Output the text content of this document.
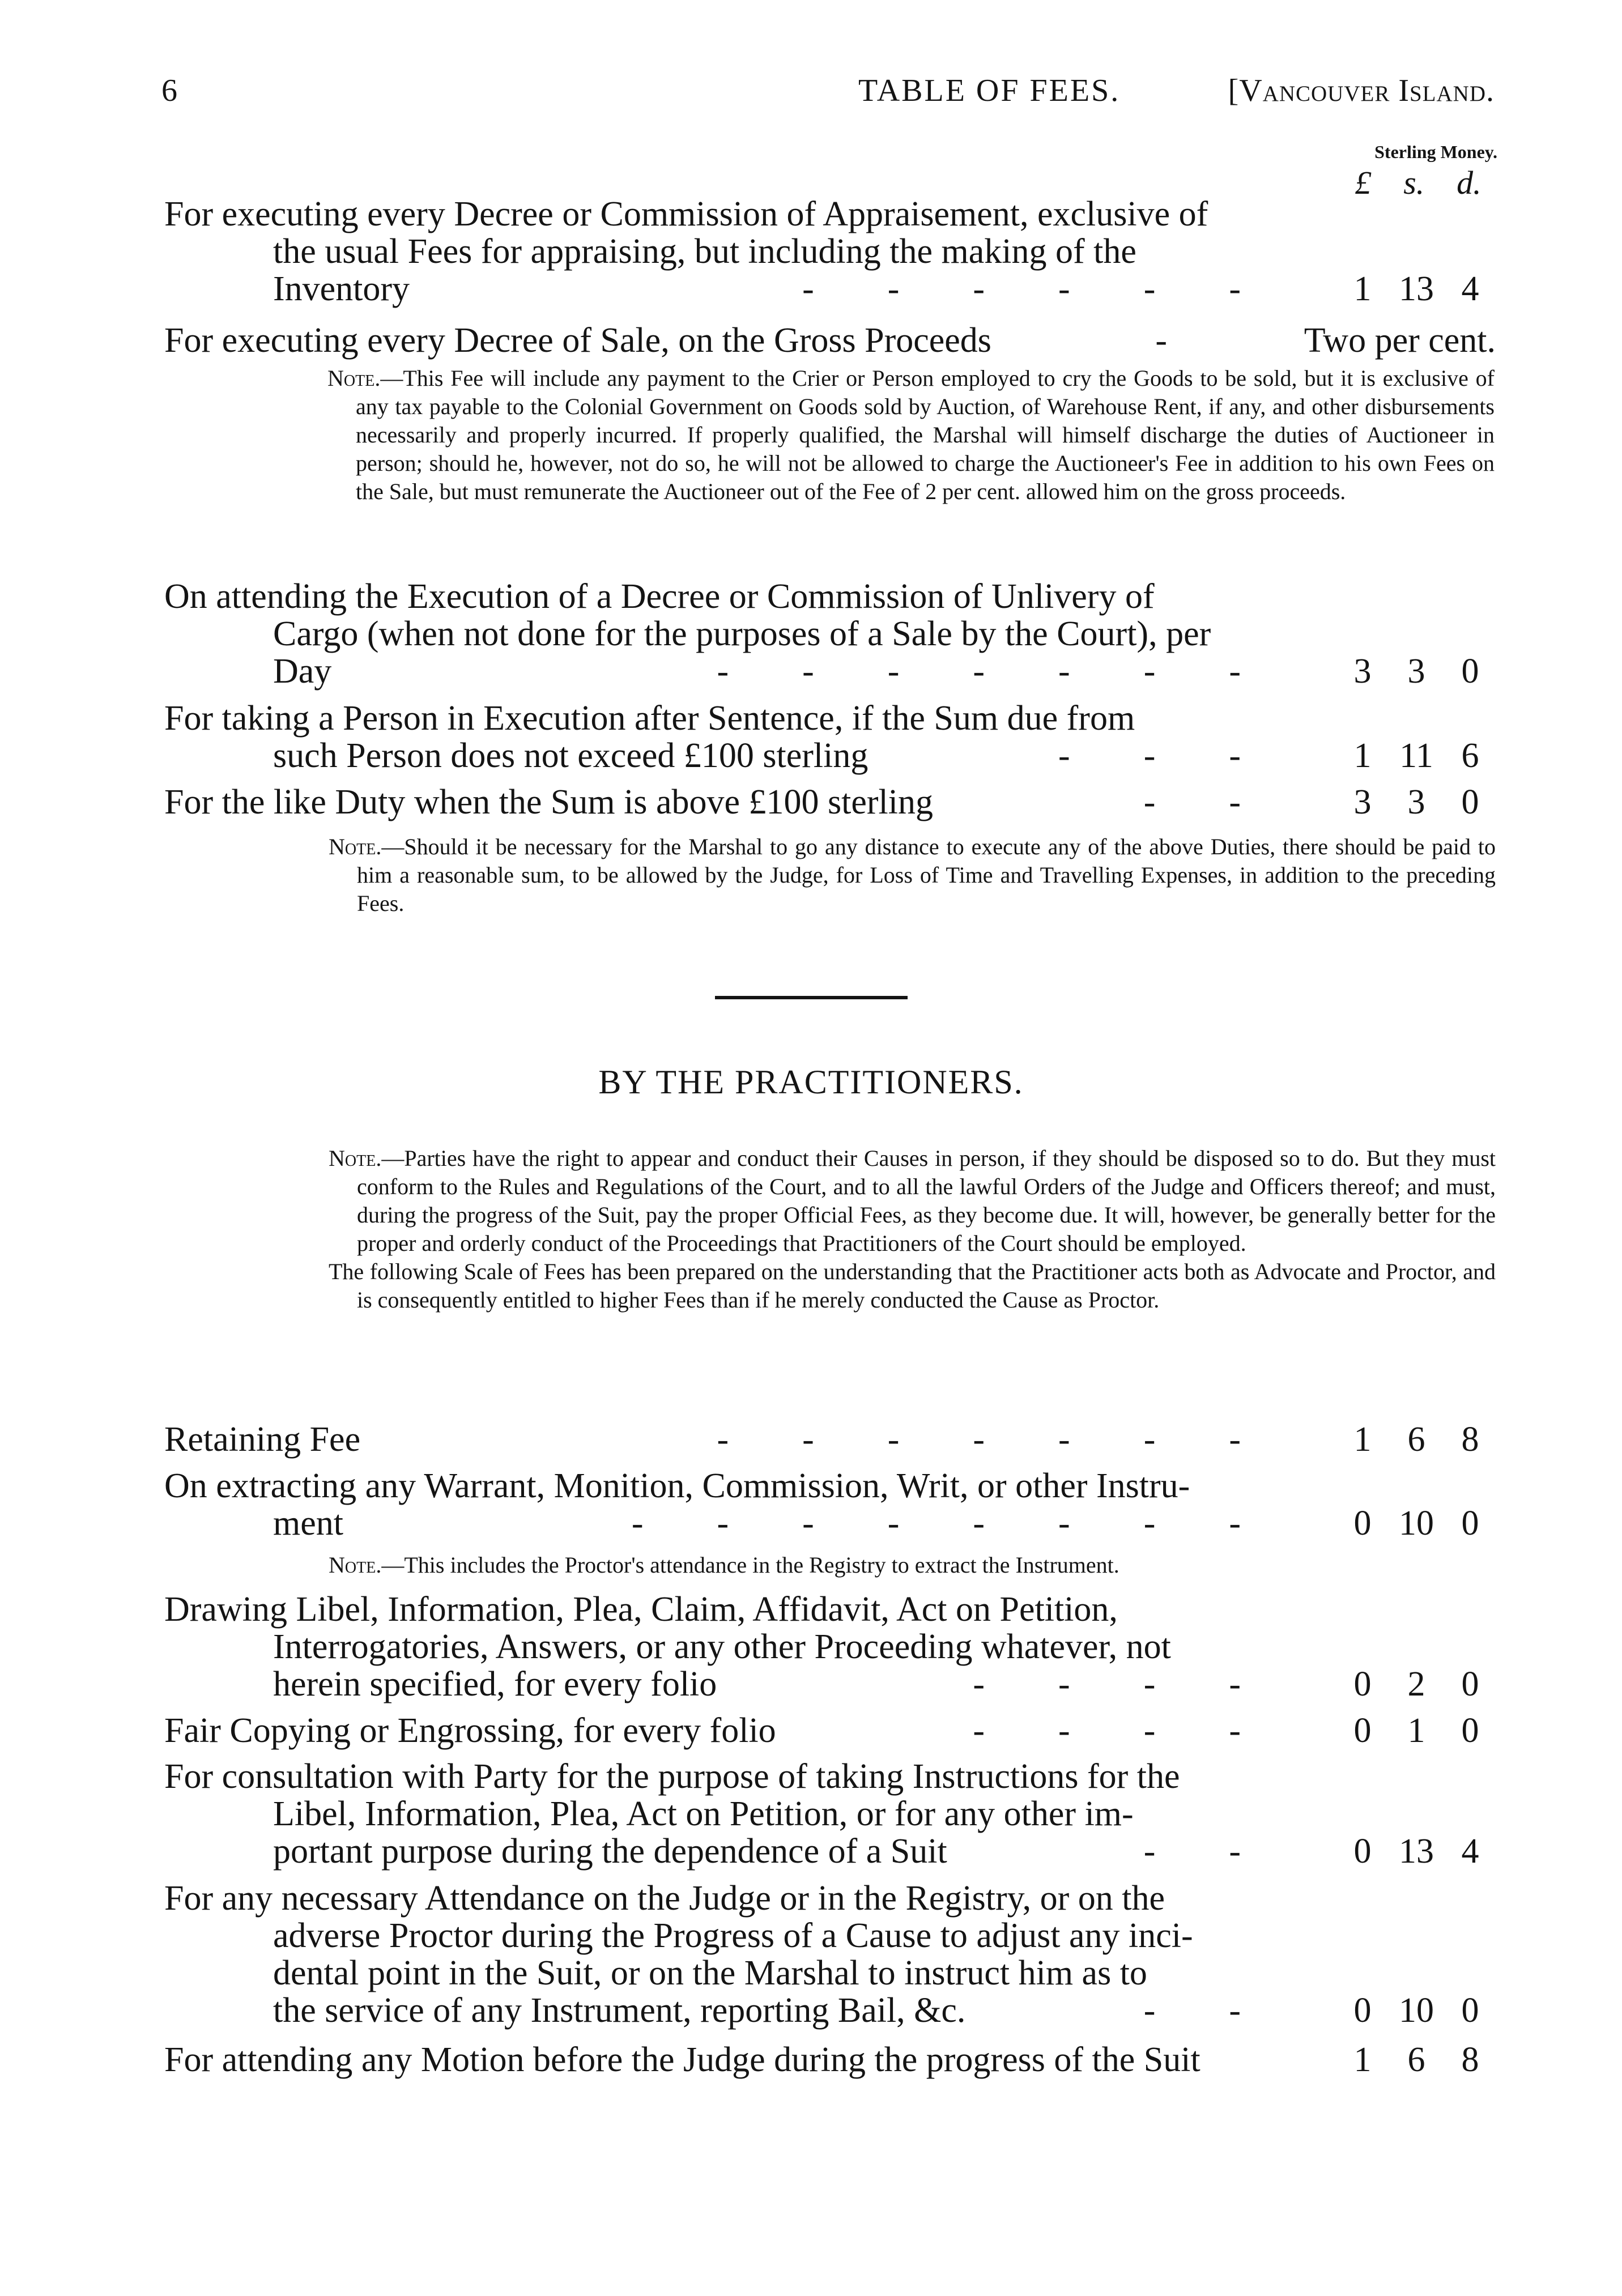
6	TABLE OF FEES.	[Vancouver Island.
Sterling Money.
£ s. d.
For executing every Decree or Commission of Appraisement, exclusive of
the usual Fees for appraising, but including the making of the
Inventory	------	1 13 4
For executing every Decree of Sale, on the Gross Proceeds	-	Two per cent.

Note.—This Fee will include any payment to the Crier or Person employed to cry the Goods to be sold, but it is exclusive of any tax payable to the Colonial Government on Goods sold by Auction, of Warehouse Rent, if any, and other disbursements necessarily and properly incurred. If properly qualified, the Marshal will himself discharge the duties of Auctioneer in person; should he, however, not do so, he will not be allowed to charge the Auctioneer's Fee in addition to his own Fees on the Sale, but must remunerate the Auctioneer out of the Fee of 2 per cent. allowed him on the gross proceeds.

On attending the Execution of a Decree or Commission of Unlivery of
Cargo (when not done for the purposes of a Sale by the Court), per
Day	-------	3	3	0
For taking a Person in Execution after Sentence, if the Sum due from
such Person does not exceed £100 sterling	---	1 11 6
For the like Duty when the Sum is above £100 sterling	--	3	3	0

Note.—Should it be necessary for the Marshal to go any distance to execute any of the above Duties, there should be paid to him a reasonable sum, to be allowed by the Judge, for Loss of Time and Travelling Expenses, in addition to the preceding Fees.

BY THE PRACTITIONERS.

Note.—Parties have the right to appear and conduct their Causes in person, if they should be disposed so to do. But they must conform to the Rules and Regulations of the Court, and to all the lawful Orders of the Judge and Officers thereof; and must, during the progress of the Suit, pay the proper Official Fees, as they become due. It will, however, be generally better for the proper and orderly conduct of the Proceedings that Practitioners of the Court should be employed.

The following Scale of Fees has been prepared on the understanding that the Practitioner acts both as Advocate and Proctor, and is consequently entitled to higher Fees than if he merely conducted the Cause as Proctor.

Retaining Fee	-------	1	6	8
On extracting any Warrant, Monition, Commission, Writ, or other Instru-
ment	--------	0 10 0

Note.—This includes the Proctor's attendance in the Registry to extract the Instrument.

Drawing Libel, Information, Plea, Claim, Affidavit, Act on Petition,
Interrogatories, Answers, or any other Proceeding whatever, not
herein specified, for every folio	----	0	2	0
Fair Copying or Engrossing, for every folio	----	0	1	0
For consultation with Party for the purpose of taking Instructions for the
Libel, Information, Plea, Act on Petition, or for any other im-
portant purpose during the dependence of a Suit	--	0 13 4
For any necessary Attendance on the Judge or in the Registry, or on the
adverse Proctor during the Progress of a Cause to adjust any inci-
dental point in the Suit, or on the Marshal to instruct him as to
the service of any Instrument, reporting Bail, &c.	--	0 10 0
For attending any Motion before the Judge during the progress of the Suit	1	6	8
